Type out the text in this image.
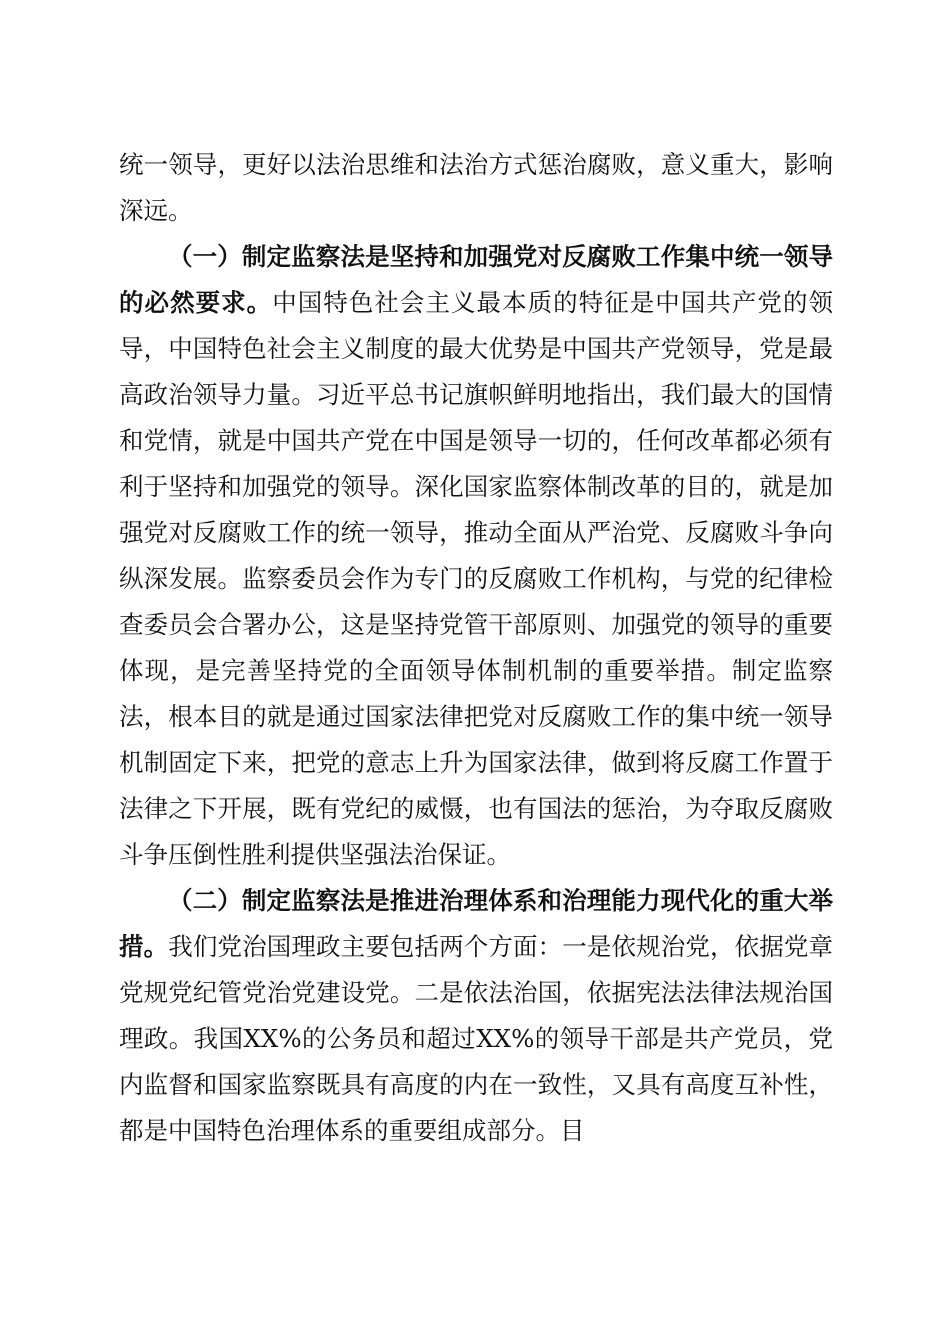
统一领导，更好以法治思维和法治方式惩治腐败，意义重大，影响深远。

（一）制定监察法是坚持和加强党对反腐败工作集中统一领导的必然要求。中国特色社会主义最本质的特征是中国共产党的领导，中国特色社会主义制度的最大优势是中国共产党领导，党是最高政治领导力量。习近平总书记旗帜鲜明地指出，我们最大的国情和党情，就是中国共产党在中国是领导一切的，任何改革都必须有利于坚持和加强党的领导。深化国家监察体制改革的目的，就是加强党对反腐败工作的统一领导，推动全面从严治党、反腐败斗争向纵深发展。监察委员会作为专门的反腐败工作机构，与党的纪律检查委员会合署办公，这是坚持党管干部原则、加强党的领导的重要体现，是完善坚持党的全面领导体制机制的重要举措。制定监察法，根本目的就是通过国家法律把党对反腐败工作的集中统一领导机制固定下来，把党的意志上升为国家法律，做到将反腐工作置于法律之下开展，既有党纪的威慑，也有国法的惩治，为夺取反腐败斗争压倒性胜利提供坚强法治保证。

（二）制定监察法是推进治理体系和治理能力现代化的重大举措。我们党治国理政主要包括两个方面：一是依规治党，依据党章党规党纪管党治党建设党。二是依法治国，依据宪法法律法规治国理政。我国XX%的公务员和超过XX%的领导干部是共产党员，党内监督和国家监察既具有高度的内在一致性，又具有高度互补性，都是中国特色治理体系的重要组成部分。目
